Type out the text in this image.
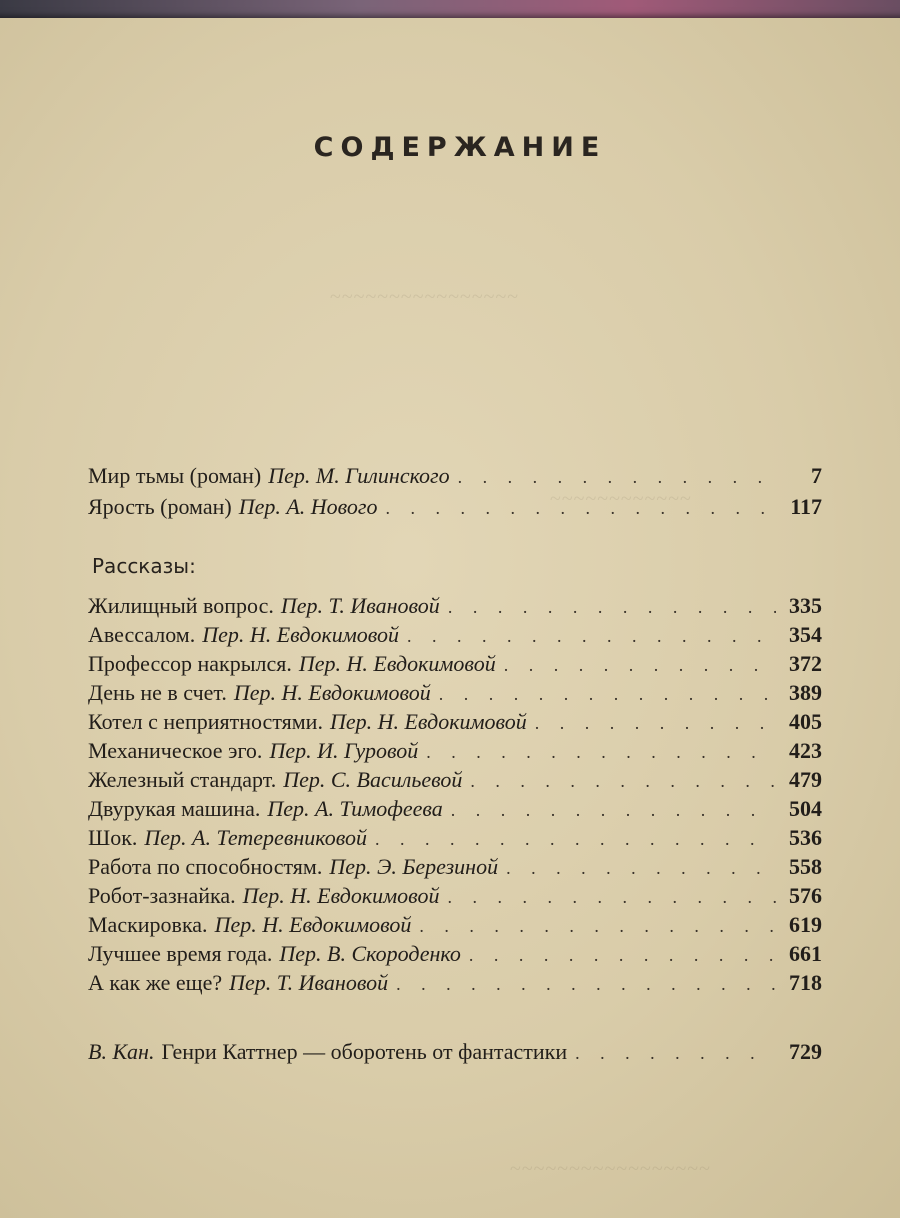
~~~~~~~~~~~~~~~~
~~~~~~~~~~~~
~~~~~~~~~~~~~~~~~
СОДЕРЖАНИЕ
Мир тьмы (роман) Пер. М. Гилинского . . .	7
Ярость (роман) Пер. А. Нового . . .	117
Рассказы:
Жилищный вопрос. Пер. Т. Ивановой . . .	335
Авессалом. Пер. Н. Евдокимовой . . .	354
Профессор накрылся. Пер. Н. Евдокимовой . . .	372
День не в счет. Пер. Н. Евдокимовой . . .	389
Котел с неприятностями. Пер. Н. Евдокимовой . . .	405
Механическое эго. Пер. И. Гуровой . . .	423
Железный стандарт. Пер. С. Васильевой . . .	479
Двурукая машина. Пер. А. Тимофеева . . .	504
Шок. Пер. А. Тетеревниковой . . .	536
Работа по способностям. Пер. Э. Березиной . . .	558
Робот-зазнайка. Пер. Н. Евдокимовой . . .	576
Маскировка. Пер. Н. Евдокимовой . . .	619
Лучшее время года. Пер. В. Скороденко . . .	661
А как же еще? Пер. Т. Ивановой . . .	718
В. Кан. Генри Каттнер — оборотень от фантастики . . .	729
